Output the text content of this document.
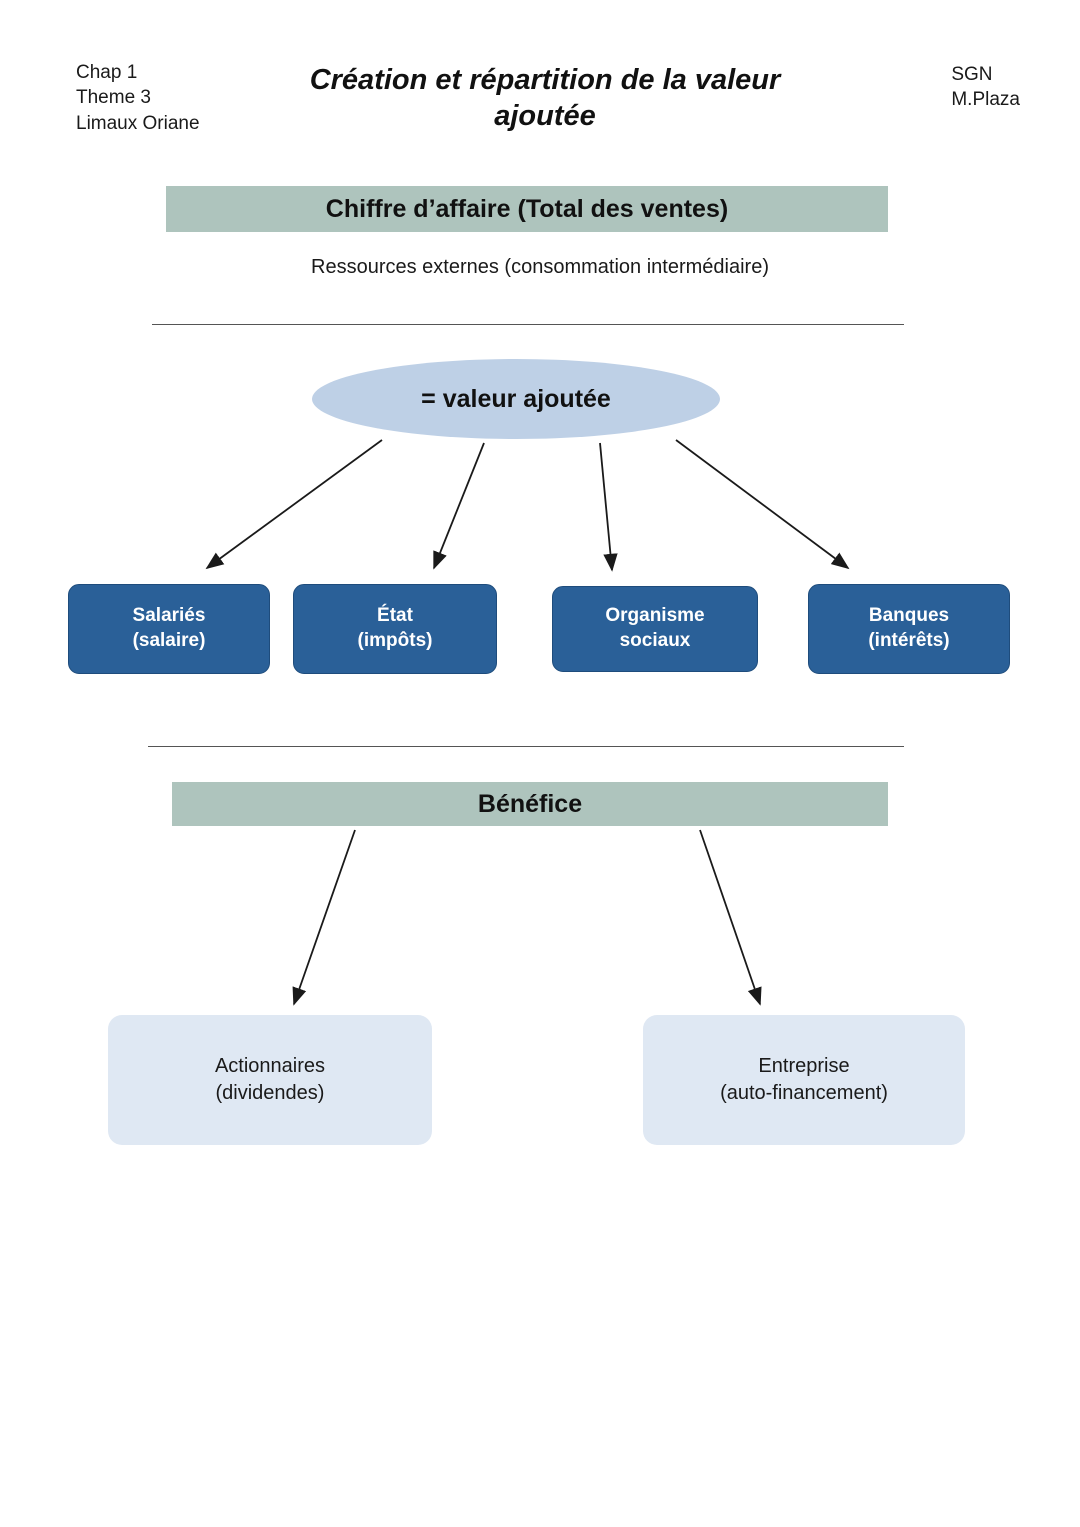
Chap 1
Theme 3
Limaux Oriane
Création et répartition de la valeur ajoutée
SGN
M.Plaza
Chiffre d’affaire (Total des ventes)
Ressources externes (consommation intermédiaire)
= valeur ajoutée
Salariés
(salaire)
État
(impôts)
Organisme
sociaux
Banques
(intérêts)
Bénéfice
Actionnaires
(dividendes)
Entreprise
(auto-financement)
